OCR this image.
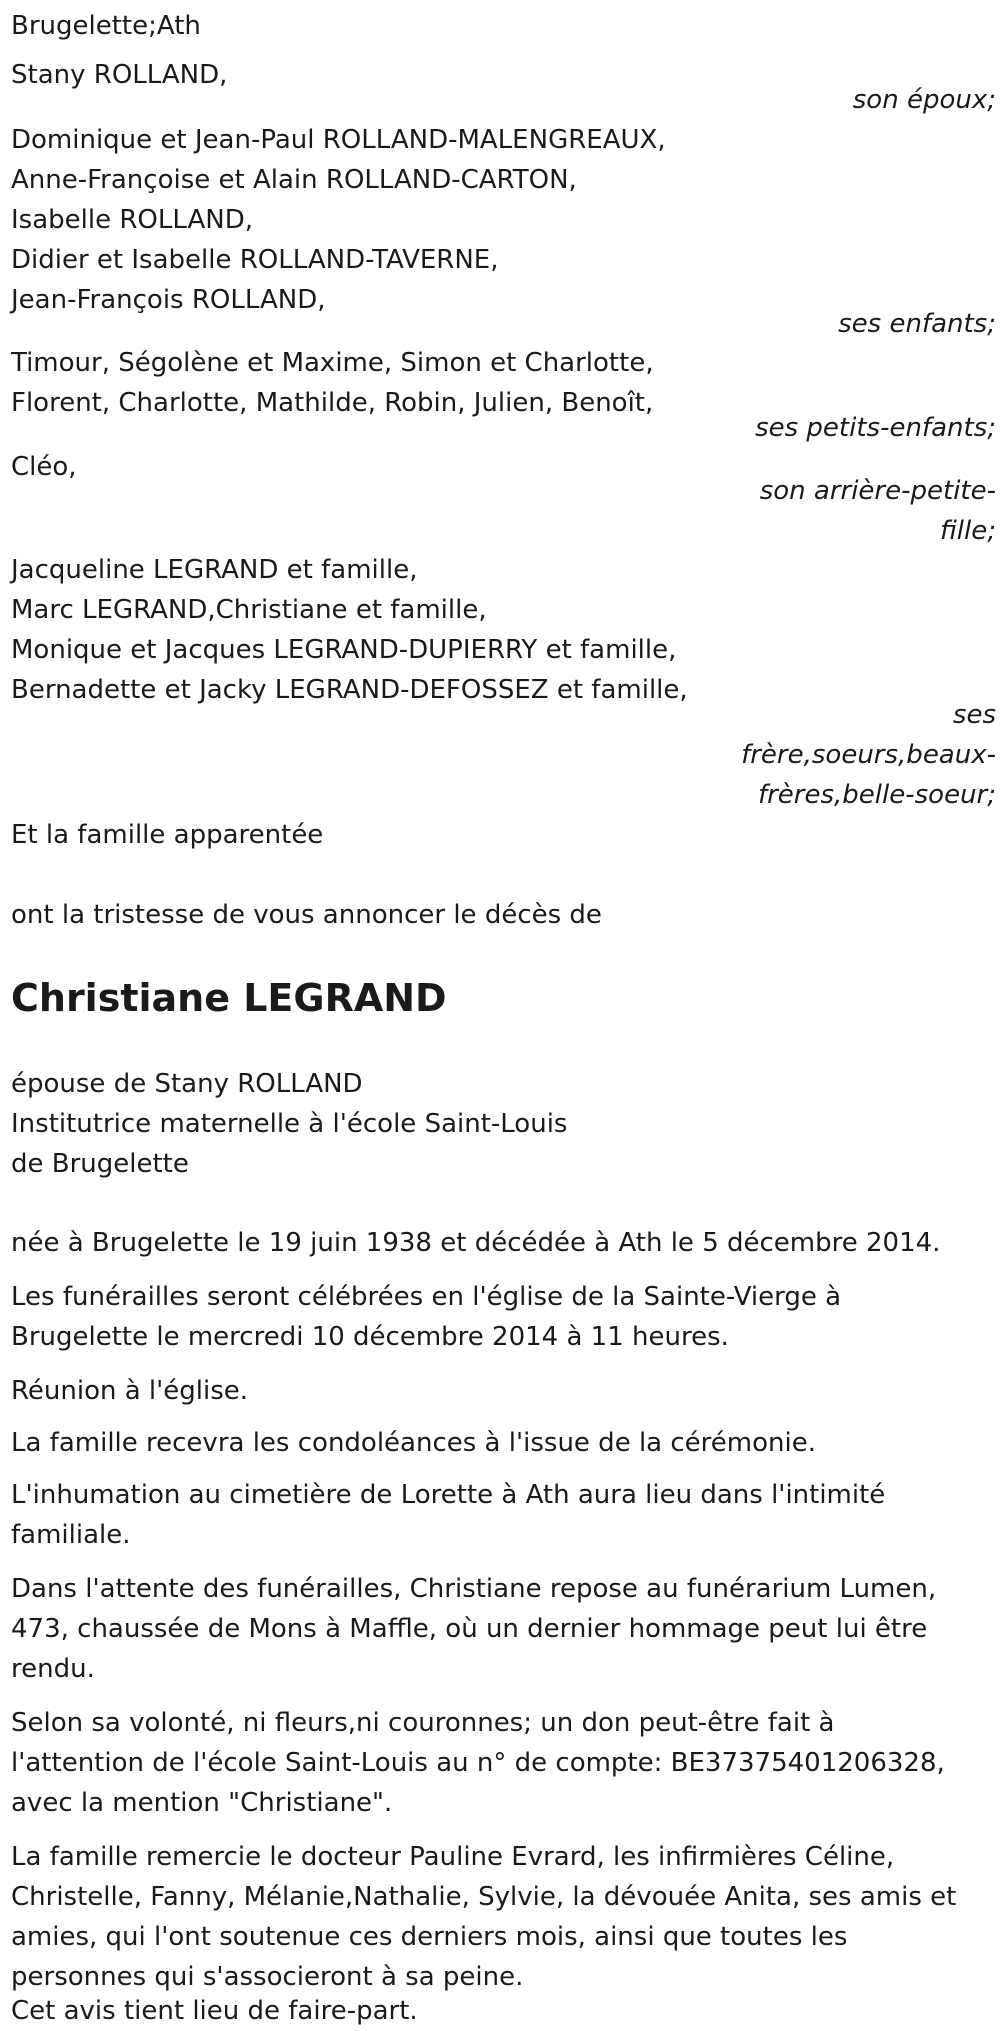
Brugelette;Ath
Stany ROLLAND,
son époux;
Dominique et Jean-Paul ROLLAND-MALENGREAUX,
Anne-Françoise et Alain ROLLAND-CARTON,
Isabelle ROLLAND,
Didier et Isabelle ROLLAND-TAVERNE,
Jean-François ROLLAND,
ses enfants;
Timour, Ségolène et Maxime, Simon et Charlotte,
Florent, Charlotte, Mathilde, Robin, Julien, Benoît,
ses petits-enfants;
Cléo,
son arrière-petite-
fille;
Jacqueline LEGRAND et famille,
Marc LEGRAND,Christiane et famille,
Monique et Jacques LEGRAND-DUPIERRY et famille,
Bernadette et Jacky LEGRAND-DEFOSSEZ et famille,
ses
frère,soeurs,beaux-
frères,belle-soeur;
Et la famille apparentée
ont la tristesse de vous annoncer le décès de
Christiane LEGRAND
épouse de Stany ROLLAND
Institutrice maternelle à l'école Saint-Louis
de Brugelette
née à Brugelette le 19 juin 1938 et décédée à Ath le 5 décembre 2014.
Les funérailles seront célébrées en l'église de la Sainte-Vierge à
Brugelette le mercredi 10 décembre 2014 à 11 heures.
Réunion à l'église.
La famille recevra les condoléances à l'issue de la cérémonie.
L'inhumation au cimetière de Lorette à Ath aura lieu dans l'intimité
familiale.
Dans l'attente des funérailles, Christiane repose au funérarium Lumen,
473, chaussée de Mons à Maffle, où un dernier hommage peut lui être
rendu.
Selon sa volonté, ni fleurs,ni couronnes; un don peut-être fait à
l'attention de l'école Saint-Louis au n° de compte: BE37375401206328,
avec la mention "Christiane".
La famille remercie le docteur Pauline Evrard, les infirmières Céline,
Christelle, Fanny, Mélanie,Nathalie, Sylvie, la dévouée Anita, ses amis et
amies, qui l'ont soutenue ces derniers mois, ainsi que toutes les
personnes qui s'associeront à sa peine.
Cet avis tient lieu de faire-part.
